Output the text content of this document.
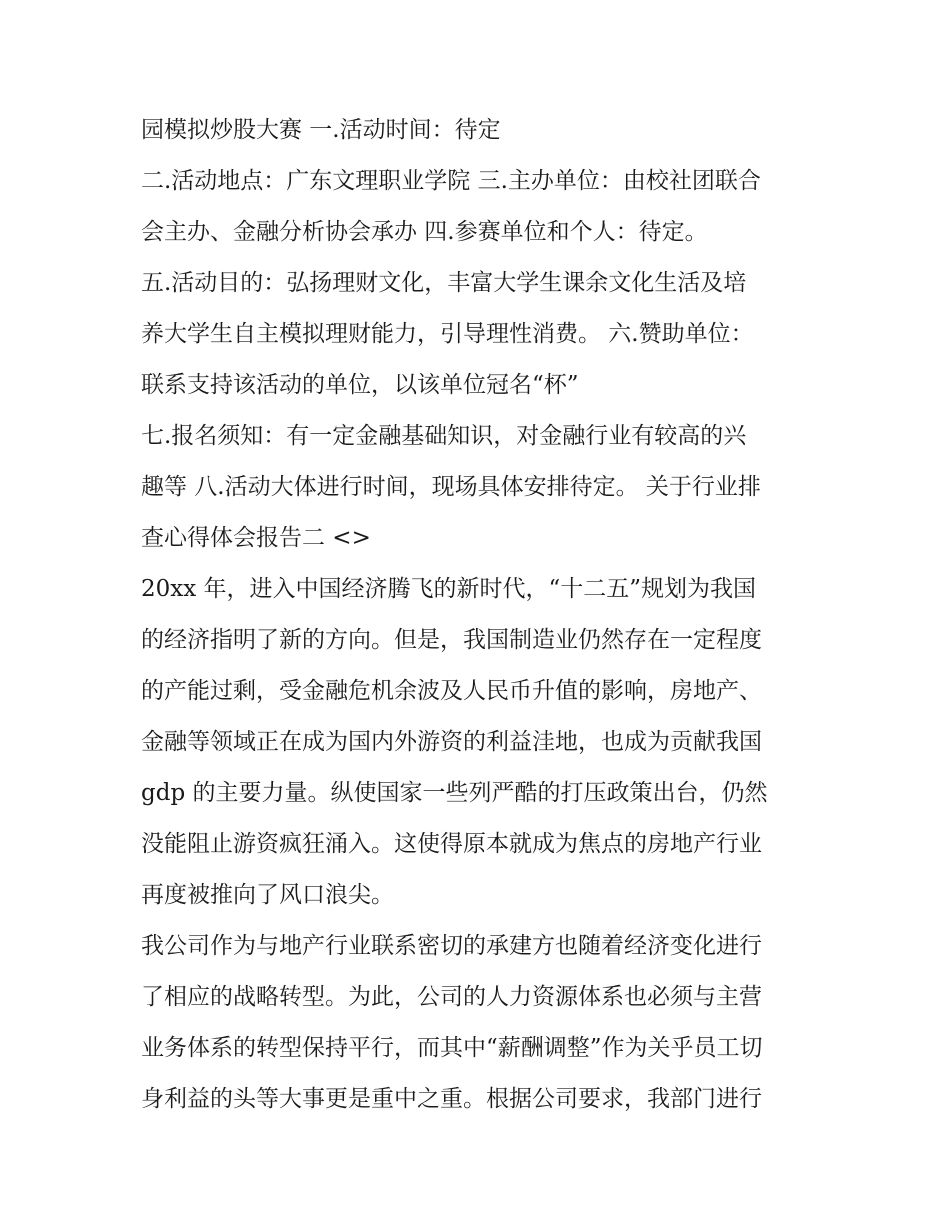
园模拟炒股大赛 一.活动时间：待定
二.活动地点：广东文理职业学院 三.主办单位：由校社团联合
会主办、金融分析协会承办 四.参赛单位和个人：待定。
五.活动目的：弘扬理财文化，丰富大学生课余文化生活及培
养大学生自主模拟理财能力，引导理性消费。 六.赞助单位：
联系支持该活动的单位，以该单位冠名“杯”
七.报名须知：有一定金融基础知识，对金融行业有较高的兴
趣等 八.活动大体进行时间，现场具体安排待定。 关于行业排
查心得体会报告二 <>
20xx 年，进入中国经济腾飞的新时代，“十二五”规划为我国
的经济指明了新的方向。但是，我国制造业仍然存在一定程度
的产能过剩，受金融危机余波及人民币升值的影响，房地产、
金融等领域正在成为国内外游资的利益洼地，也成为贡献我国
gdp 的主要力量。纵使国家一些列严酷的打压政策出台，仍然
没能阻止游资疯狂涌入。这使得原本就成为焦点的房地产行业
再度被推向了风口浪尖。
我公司作为与地产行业联系密切的承建方也随着经济变化进行
了相应的战略转型。为此，公司的人力资源体系也必须与主营
业务体系的转型保持平行，而其中“薪酬调整”作为关乎员工切
身利益的头等大事更是重中之重。根据公司要求，我部门进行
